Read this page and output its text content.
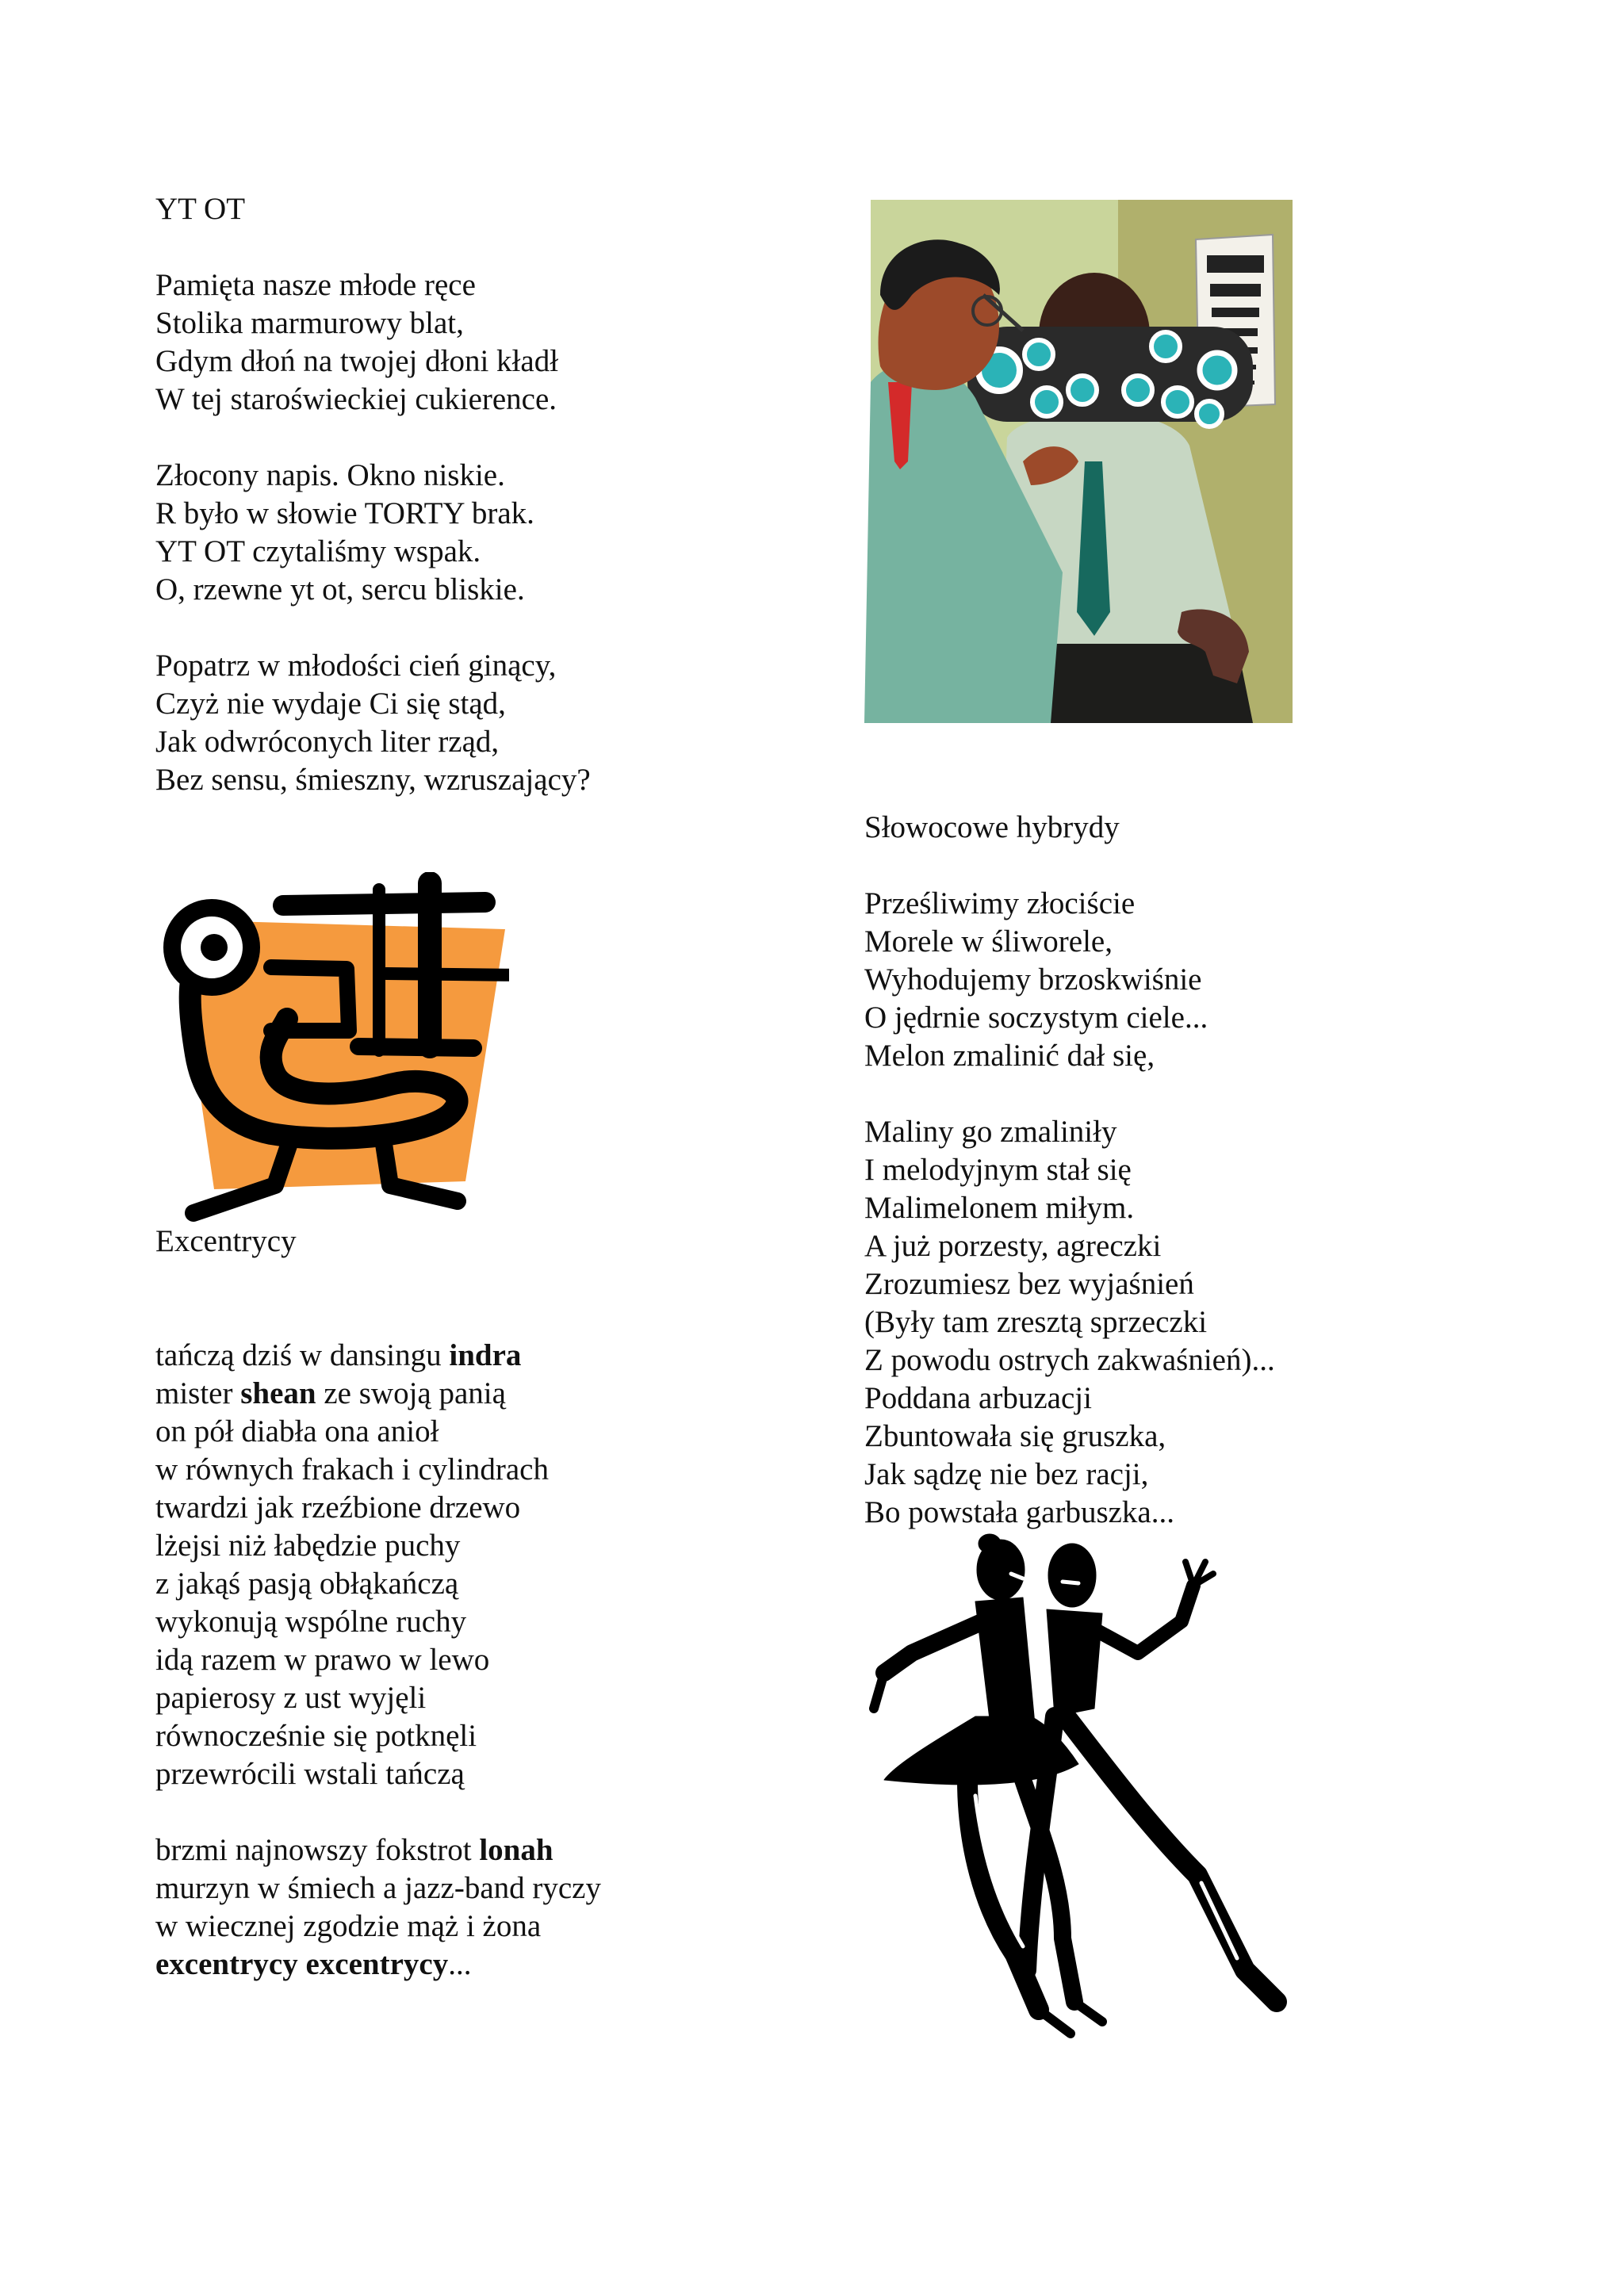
YT OT
Pamięta nasze młode ręce
Stolika marmurowy blat,
Gdym dłoń na twojej dłoni kładł
W tej staroświeckiej cukierence.
Złocony napis. Okno niskie.
R było w słowie TORTY brak.
YT OT czytaliśmy wspak.
O, rzewne yt ot, sercu bliskie.
Popatrz w młodości cień ginący,
Czyż nie wydaje Ci się stąd,
Jak odwróconych liter rząd,
Bez sensu, śmieszny, wzruszający?
Excentrycy
tańczą dziś w dansingu indra
mister shean ze swoją panią
on pół diabła ona anioł
w równych frakach i cylindrach
twardzi jak rzeźbione drzewo
lżejsi niż łabędzie puchy
z jakąś pasją obłąkańczą
wykonują wspólne ruchy
idą razem w prawo w lewo
papierosy z ust wyjęli
równocześnie się potknęli
przewrócili wstali tańczą
brzmi najnowszy fokstrot lonah
murzyn w śmiech a jazz-band ryczy
w wiecznej zgodzie mąż i żona
excentrycy excentrycy...
Słowocowe hybrydy
Prześliwimy złociście
Morele w śliworele,
Wyhodujemy brzoskwiśnie
O jędrnie soczystym ciele...
Melon zmalinić dał się,
Maliny go zmaliniły
I melodyjnym stał się
Malimelonem miłym.
A już porzesty, agreczki
Zrozumiesz bez wyjaśnień
(Były tam zresztą sprzeczki
Z powodu ostrych zakwaśnień)...
Poddana arbuzacji
Zbuntowała się gruszka,
Jak sądzę nie bez racji,
Bo powstała garbuszka...
